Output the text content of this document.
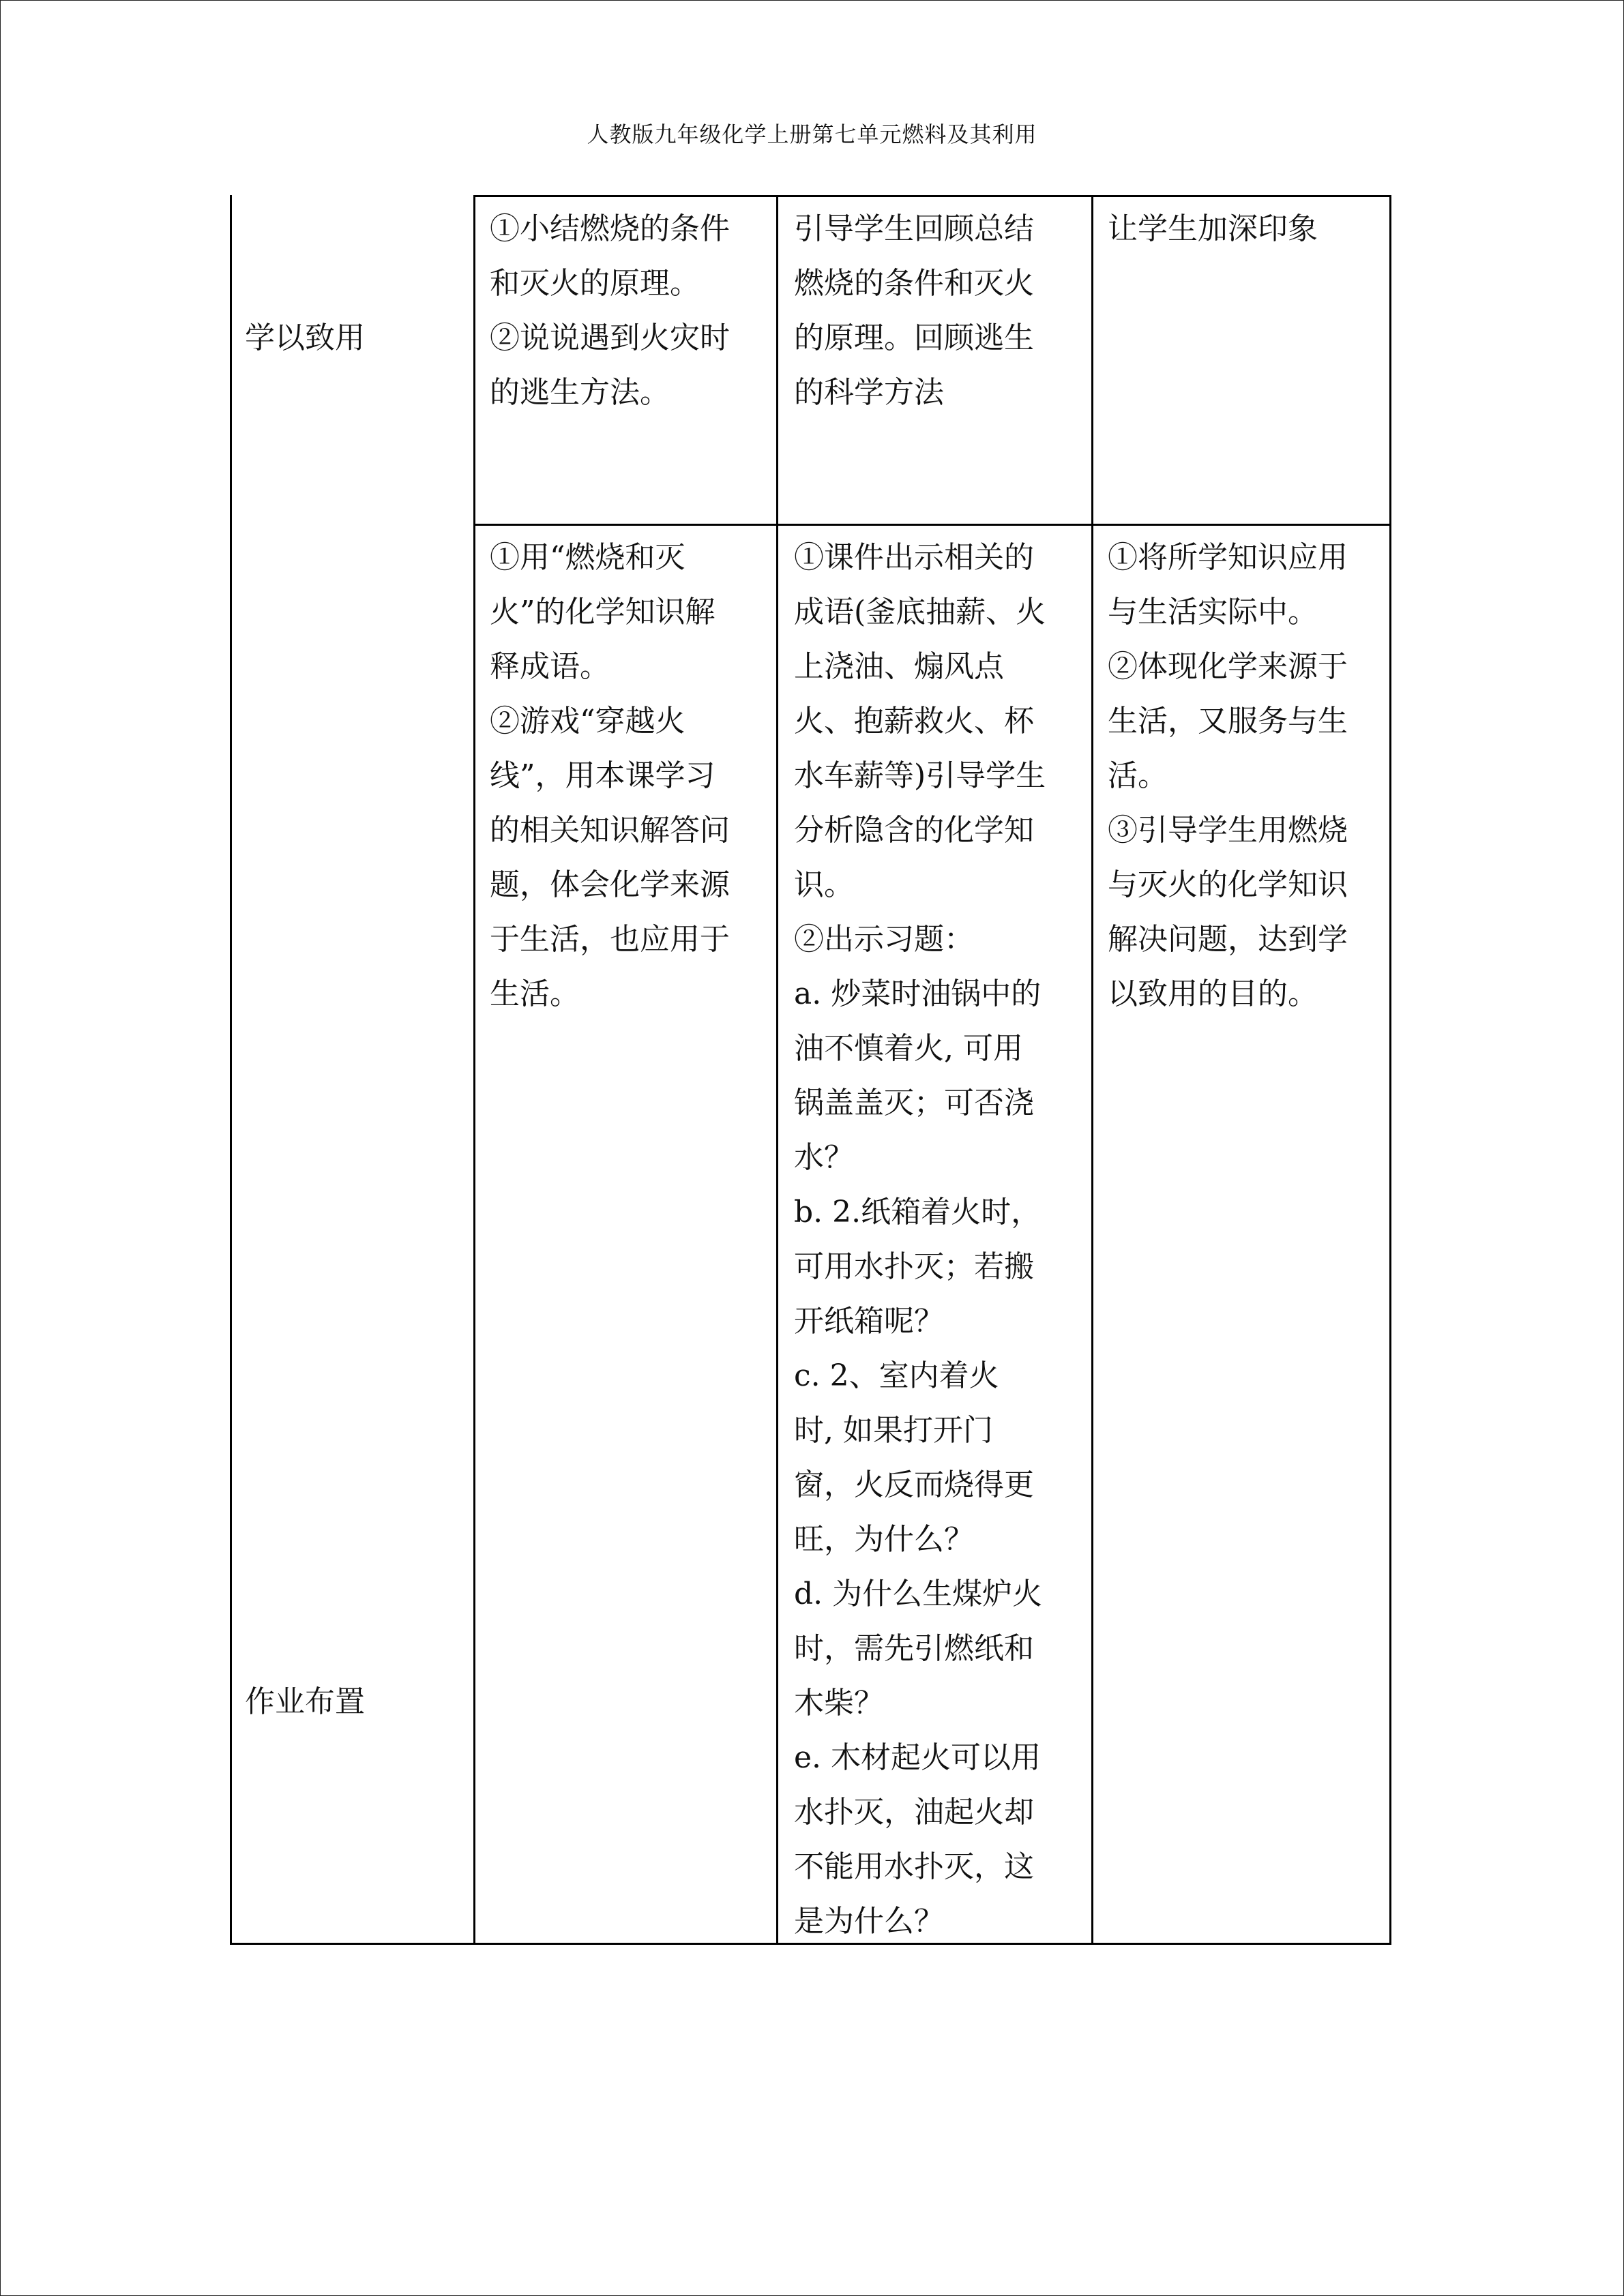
人教版九年级化学上册第七单元燃料及其利用
学以致用
①小结燃烧的条件
和灭火的原理。
②说说遇到火灾时
的逃生方法。
引导学生回顾总结
燃烧的条件和灭火
的原理。回顾逃生
的科学方法
让学生加深印象
作业布置
①用“燃烧和灭
火”的化学知识解
释成语。
②游戏“穿越火
线”，用本课学习
的相关知识解答问
题，体会化学来源
于生活，也应用于
生活。
①课件出示相关的
成语(釜底抽薪、火
上浇油、煽风点
火、抱薪救火、杯
水车薪等)引导学生
分析隐含的化学知
识。
②出示习题：
a. 炒菜时油锅中的
油不慎着火, 可用
锅盖盖灭；可否浇
水？
b. 2.纸箱着火时，
可用水扑灭；若搬
开纸箱呢？
c. 2、室内着火
时, 如果打开门
窗，火反而烧得更
旺，为什么？
d. 为什么生煤炉火
时，需先引燃纸和
木柴？
e. 木材起火可以用
水扑灭，油起火却
不能用水扑灭，这
是为什么？
①将所学知识应用
与生活实际中。
②体现化学来源于
生活，又服务与生
活。
③引导学生用燃烧
与灭火的化学知识
解决问题，达到学
以致用的目的。
